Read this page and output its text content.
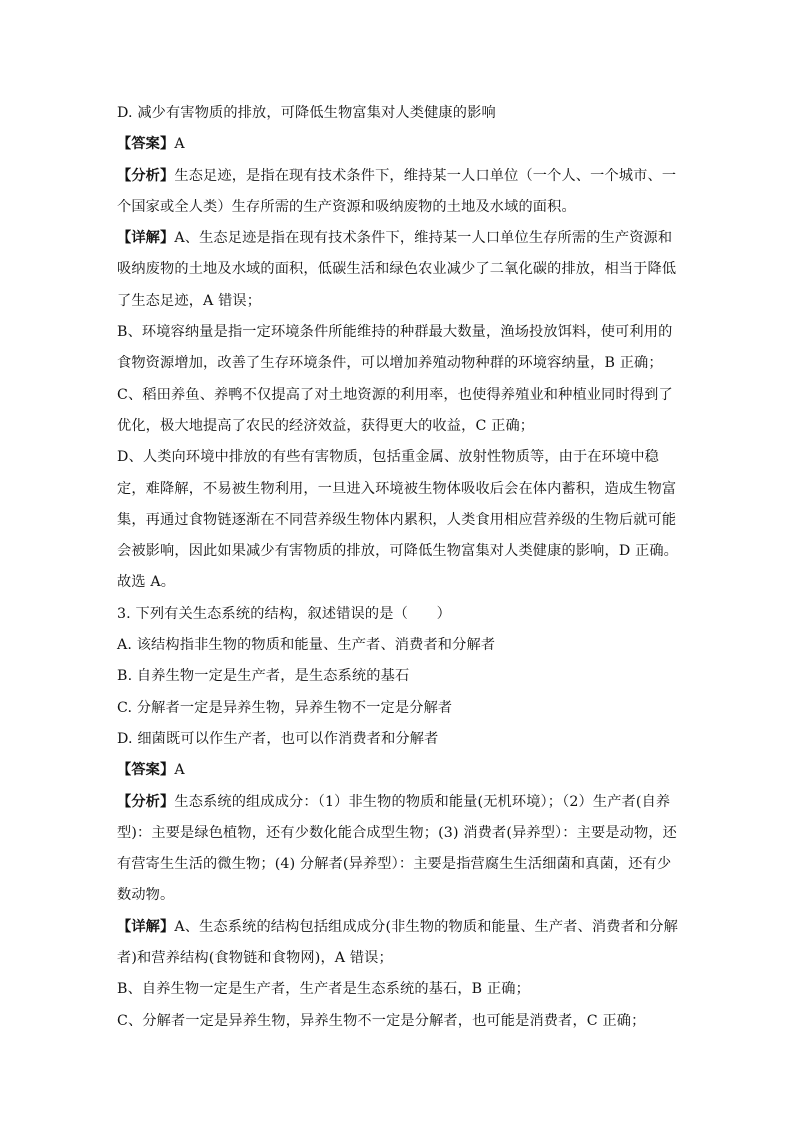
D. 减少有害物质的排放，可降低生物富集对人类健康的影响
【答案】A
【分析】生态足迹，是指在现有技术条件下，维持某一人口单位（一个人、一个城市、一
个国家或全人类）生存所需的生产资源和吸纳废物的土地及水域的面积。
【详解】A、生态足迹是指在现有技术条件下，维持某一人口单位生存所需的生产资源和
吸纳废物的土地及水域的面积，低碳生活和绿色农业减少了二氧化碳的排放，相当于降低
了生态足迹，A 错误；
B、环境容纳量是指一定环境条件所能维持的种群最大数量，渔场投放饵料，使可利用的
食物资源增加，改善了生存环境条件，可以增加养殖动物种群的环境容纳量，B 正确；
C、稻田养鱼、养鸭不仅提高了对土地资源的利用率，也使得养殖业和种植业同时得到了
优化，极大地提高了农民的经济效益，获得更大的收益，C 正确；
D、人类向环境中排放的有些有害物质，包括重金属、放射性物质等，由于在环境中稳
定，难降解，不易被生物利用，一旦进入环境被生物体吸收后会在体内蓄积，造成生物富
集，再通过食物链逐渐在不同营养级生物体内累积，人类食用相应营养级的生物后就可能
会被影响，因此如果减少有害物质的排放，可降低生物富集对人类健康的影响，D 正确。
故选 A。
3. 下列有关生态系统的结构，叙述错误的是（　　）
A. 该结构指非生物的物质和能量、生产者、消费者和分解者
B. 自养生物一定是生产者，是生态系统的基石
C. 分解者一定是异养生物，异养生物不一定是分解者
D. 细菌既可以作生产者，也可以作消费者和分解者
【答案】A
【分析】生态系统的组成成分：（1）非生物的物质和能量(无机环境）；（2）生产者(自养
型)：主要是绿色植物，还有少数化能合成型生物；(3) 消费者(异养型）：主要是动物，还
有营寄生生活的微生物；(4) 分解者(异养型）：主要是指营腐生生活细菌和真菌，还有少
数动物。
【详解】A、生态系统的结构包括组成成分(非生物的物质和能量、生产者、消费者和分解
者)和营养结构(食物链和食物网)，A 错误；
B、自养生物一定是生产者，生产者是生态系统的基石，B 正确；
C、分解者一定是异养生物，异养生物不一定是分解者，也可能是消费者，C 正确；
